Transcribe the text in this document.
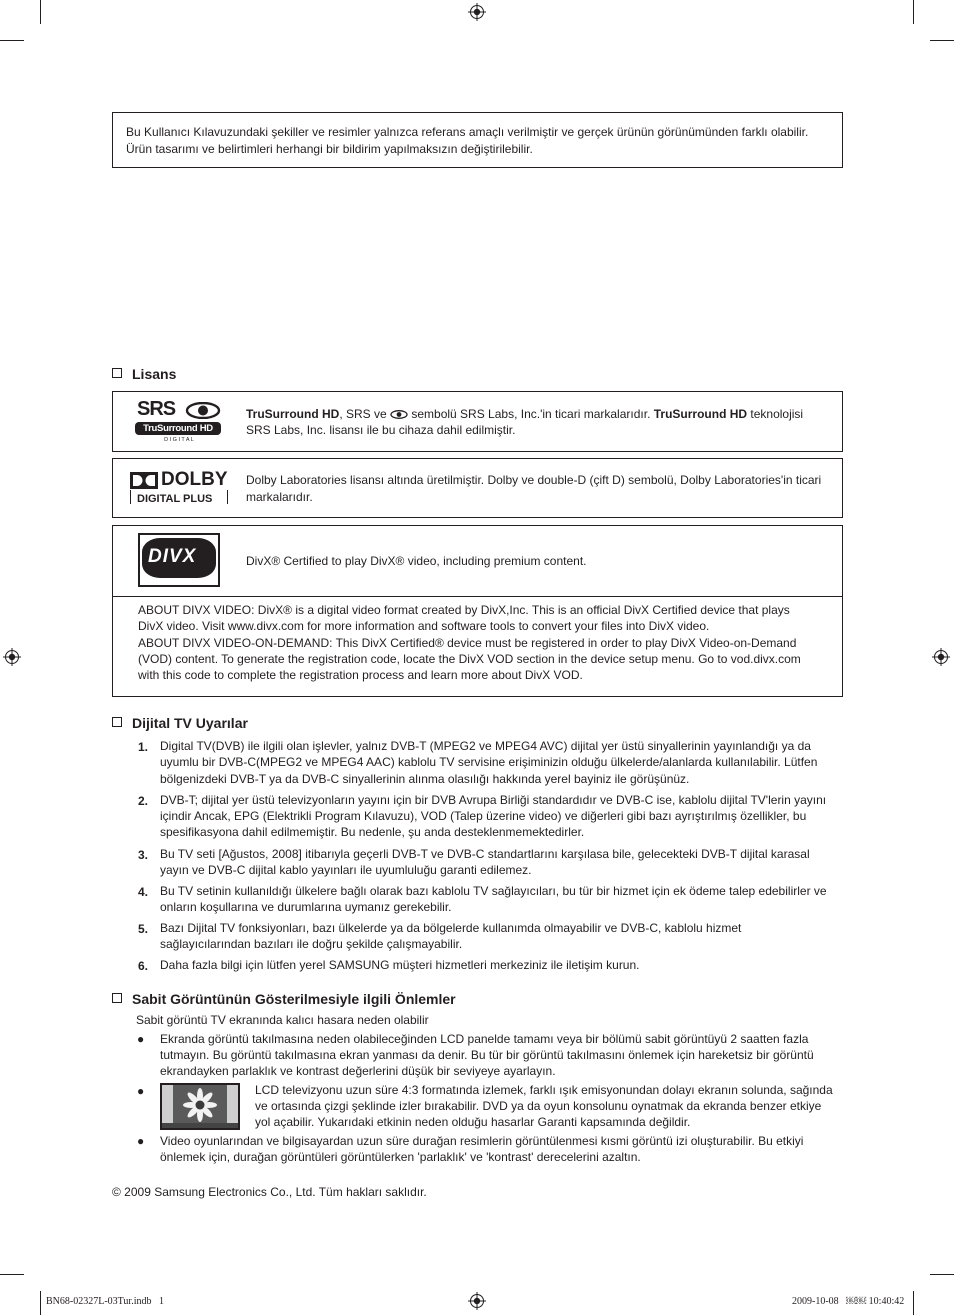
Bu Kullanıcı Kılavuzundaki şekiller ve resimler yalnızca referans amaçlı verilmiştir ve gerçek ürünün görünümünden farklı olabilir.
Ürün tasarımı ve belirtimleri herhangi bir bildirim yapılmaksızın değiştirilebilir.
Lisans
SRS
TruSurround HD
D I G I T A L
TruSurround HD, SRS ve  sembolü SRS Labs, Inc.'in ticari markalarıdır. TruSurround HD teknolojisi
SRS Labs, Inc. lisansı ile bu cihaza dahil edilmiştir.
DOLBY
DIGITAL PLUS
Dolby Laboratories lisansı altında üretilmiştir. Dolby ve double-D (çift D) sembolü, Dolby Laboratories'in ticari
markalarıdır.
DIVX	DivX® Certified to play DivX® video, including premium content.
ABOUT DIVX VIDEO: DivX® is a digital video format created by DivX,Inc. This is an official DivX Certified device that plays
DivX video. Visit www.divx.com for more information and software tools to convert your files into DivX video.
ABOUT DIVX VIDEO-ON-DEMAND: This DivX Certified® device must be registered in order to play DivX Video-on-Demand
(VOD) content. To generate the registration code, locate the DivX VOD section in the device setup menu. Go to vod.divx.com
with this code to complete the registration process and learn more about DivX VOD.
Dijital TV Uyarılar
1. Digital TV(DVB) ile ilgili olan işlevler, yalnız DVB-T (MPEG2 ve MPEG4 AVC) dijital yer üstü sinyallerinin yayınlandığı ya da
uyumlu bir DVB-C(MPEG2 ve MPEG4 AAC) kablolu TV servisine erişiminizin olduğu ülkelerde/alanlarda kullanılabilir. Lütfen
bölgenizdeki DVB-T ya da DVB-C sinyallerinin alınma olasılığı hakkında yerel bayiniz ile görüşünüz.
2. DVB-T; dijital yer üstü televizyonların yayını için bir DVB Avrupa Birliği standardıdır ve DVB-C ise, kablolu dijital TV'lerin yayını
içindir Ancak, EPG (Elektrikli Program Kılavuzu), VOD (Talep üzerine video) ve diğerleri gibi bazı ayrıştırılmış özellikler, bu
spesifikasyona dahil edilmemiştir. Bu nedenle, şu anda desteklenmemektedirler.
3. Bu TV seti [Ağustos, 2008] itibarıyla geçerli DVB-T ve DVB-C standartlarını karşılasa bile, gelecekteki DVB-T dijital karasal
yayın ve DVB-C dijital kablo yayınları ile uyumluluğu garanti edilemez.
4. Bu TV setinin kullanıldığı ülkelere bağlı olarak bazı kablolu TV sağlayıcıları, bu tür bir hizmet için ek ödeme talep edebilirler ve
onların koşullarına ve durumlarına uymanız gerekebilir.
5. Bazı Dijital TV fonksiyonları, bazı ülkelerde ya da bölgelerde kullanımda olmayabilir ve DVB-C, kablolu hizmet
sağlayıcılarından bazıları ile doğru şekilde çalışmayabilir.
6. Daha fazla bilgi için lütfen yerel SAMSUNG müşteri hizmetleri merkeziniz ile iletişim kurun.
Sabit Görüntünün Gösterilmesiyle ilgili Önlemler
Sabit görüntü TV ekranında kalıcı hasara neden olabilir
● Ekranda görüntü takılmasına neden olabileceğinden LCD panelde tamamı veya bir bölümü sabit görüntüyü 2 saatten fazla
tutmayın. Bu görüntü takılmasına ekran yanması da denir. Bu tür bir görüntü takılmasını önlemek için hareketsiz bir görüntü
ekrandayken parlaklık ve kontrast değerlerini düşük bir seviyeye ayarlayın.
●	LCD televizyonu uzun süre 4:3 formatında izlemek, farklı ışık emisyonundan dolayı ekranın solunda, sağında
ve ortasında çizgi şeklinde izler bırakabilir. DVD ya da oyun konsolunu oynatmak da ekranda benzer etkiye
yol açabilir. Yukarıdaki etkinin neden olduğu hasarlar Garanti kapsamında değildir.
● Video oyunlarından ve bilgisayardan uzun süre durağan resimlerin görüntülenmesi kısmi görüntü izi oluşturabilir. Bu etkiyi
önlemek için, durağan görüntüleri görüntülerken 'parlaklık' ve 'kontrast' derecelerini azaltın.
© 2009 Samsung Electronics Co., Ltd. Tüm hakları saklıdır.
BN68-02327L-03Tur.indb   1	2009-10-08   ￼￼ 10:40:42
